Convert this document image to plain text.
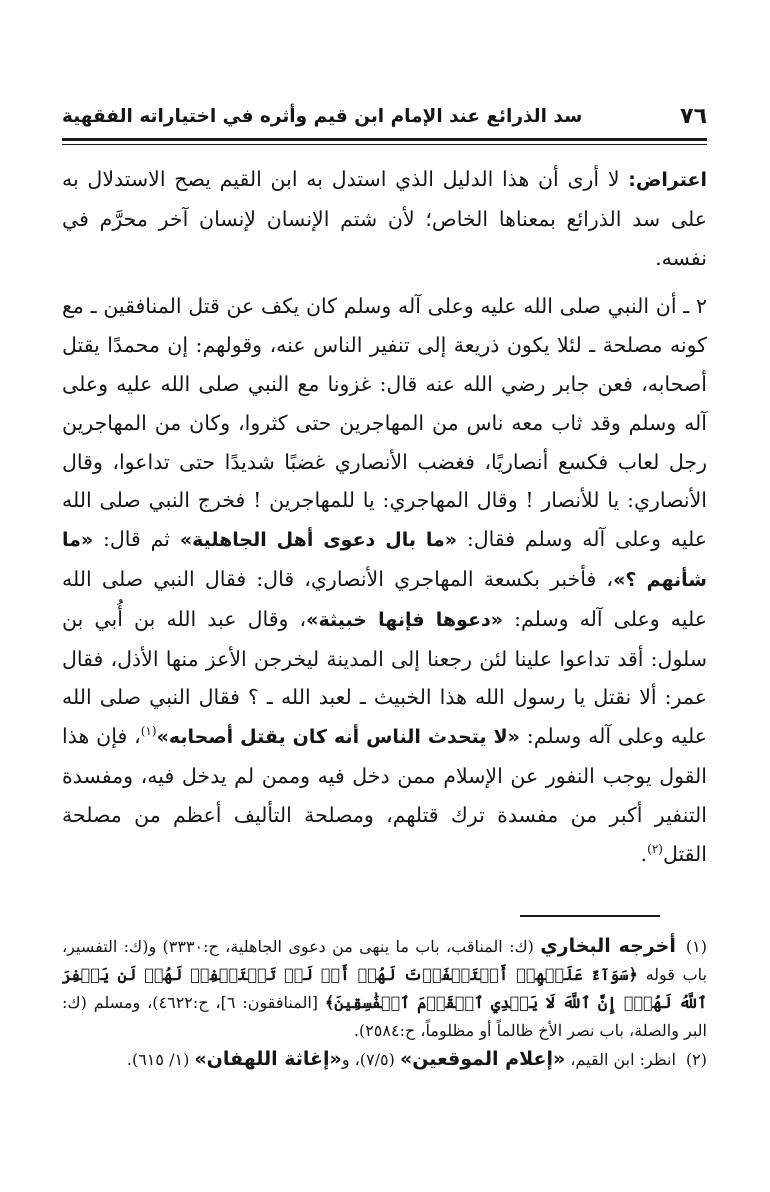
٧٦
سد الذرائع عند الإمام ابن قيم وأثره في اختياراته الفقهية

اعتراض: لا أرى أن هذا الدليل الذي استدل به ابن القيم يصح الاستدلال به على سد الذرائع بمعناها الخاص؛ لأن شتم الإنسان لإنسان آخر محرَّم في نفسه.

٢ ـ أن النبي صلى الله عليه وعلى آله وسلم كان يكف عن قتل المنافقين ـ مع كونه مصلحة ـ لئلا يكون ذريعة إلى تنفير الناس عنه، وقولهم: إن محمدًا يقتل أصحابه، فعن جابر رضي الله عنه قال: غزونا مع النبي صلى الله عليه وعلى آله وسلم وقد ثاب معه ناس من المهاجرين حتى كثروا، وكان من المهاجرين رجل لعاب فكسع أنصاريًا، فغضب الأنصاري غضبًا شديدًا حتى تداعوا، وقال الأنصاري: يا للأنصار ! وقال المهاجري: يا للمهاجرين ! فخرج النبي صلى الله عليه وعلى آله وسلم فقال: «ما بال دعوى أهل الجاهلية» ثم قال: «ما شأنهم ؟»، فأخبر بكسعة المهاجري الأنصاري، قال: فقال النبي صلى الله عليه وعلى آله وسلم: «دعوها فإنها خبيثة»، وقال عبد الله بن أُبي بن سلول: أقد تداعوا علينا لئن رجعنا إلى المدينة ليخرجن الأعز منها الأذل، فقال عمر: ألا نقتل يا رسول الله هذا الخبيث ـ لعبد الله ـ ؟ فقال النبي صلى الله عليه وعلى آله وسلم: «لا يتحدث الناس أنه كان يقتل أصحابه»$^{(١)}$، فإن هذا القول يوجب النفور عن الإسلام ممن دخل فيه وممن لم يدخل فيه، ومفسدة التنفير أكبر من مفسدة ترك قتلهم، ومصلحة التأليف أعظم من مصلحة القتل$^{(٢)}$.

(١)أخرجه البخاري (ك: المناقب، باب ما ينهى من دعوى الجاهلية، ح:٣٣٣٠) و(ك: التفسير، باب قوله ﴿سَوَآءٌ عَلَيۡهِمۡ أَسۡتَغۡفَرۡتَ لَهُمۡ أَمۡ لَمۡ تَسۡتَغۡفِرۡ لَهُمۡ لَن يَغۡفِرَ ٱللَّهُ لَهُمۡۚ إِنَّ ٱللَّهَ لَا يَهۡدِي ٱلۡقَوۡمَ ٱلۡفَٰسِقِينَ﴾ [المنافقون: ٦]، ح:٤٦٢٢)، ومسلم (ك: البر والصلة، باب نصر الأخ ظالماً أو مظلوماً، ح:٢٥٨٤).

(٢)انظر: ابن القيم، «إعلام الموقعين» (٧/٥)، و«إغاثة اللهفان» (١/ ٦١٥).
